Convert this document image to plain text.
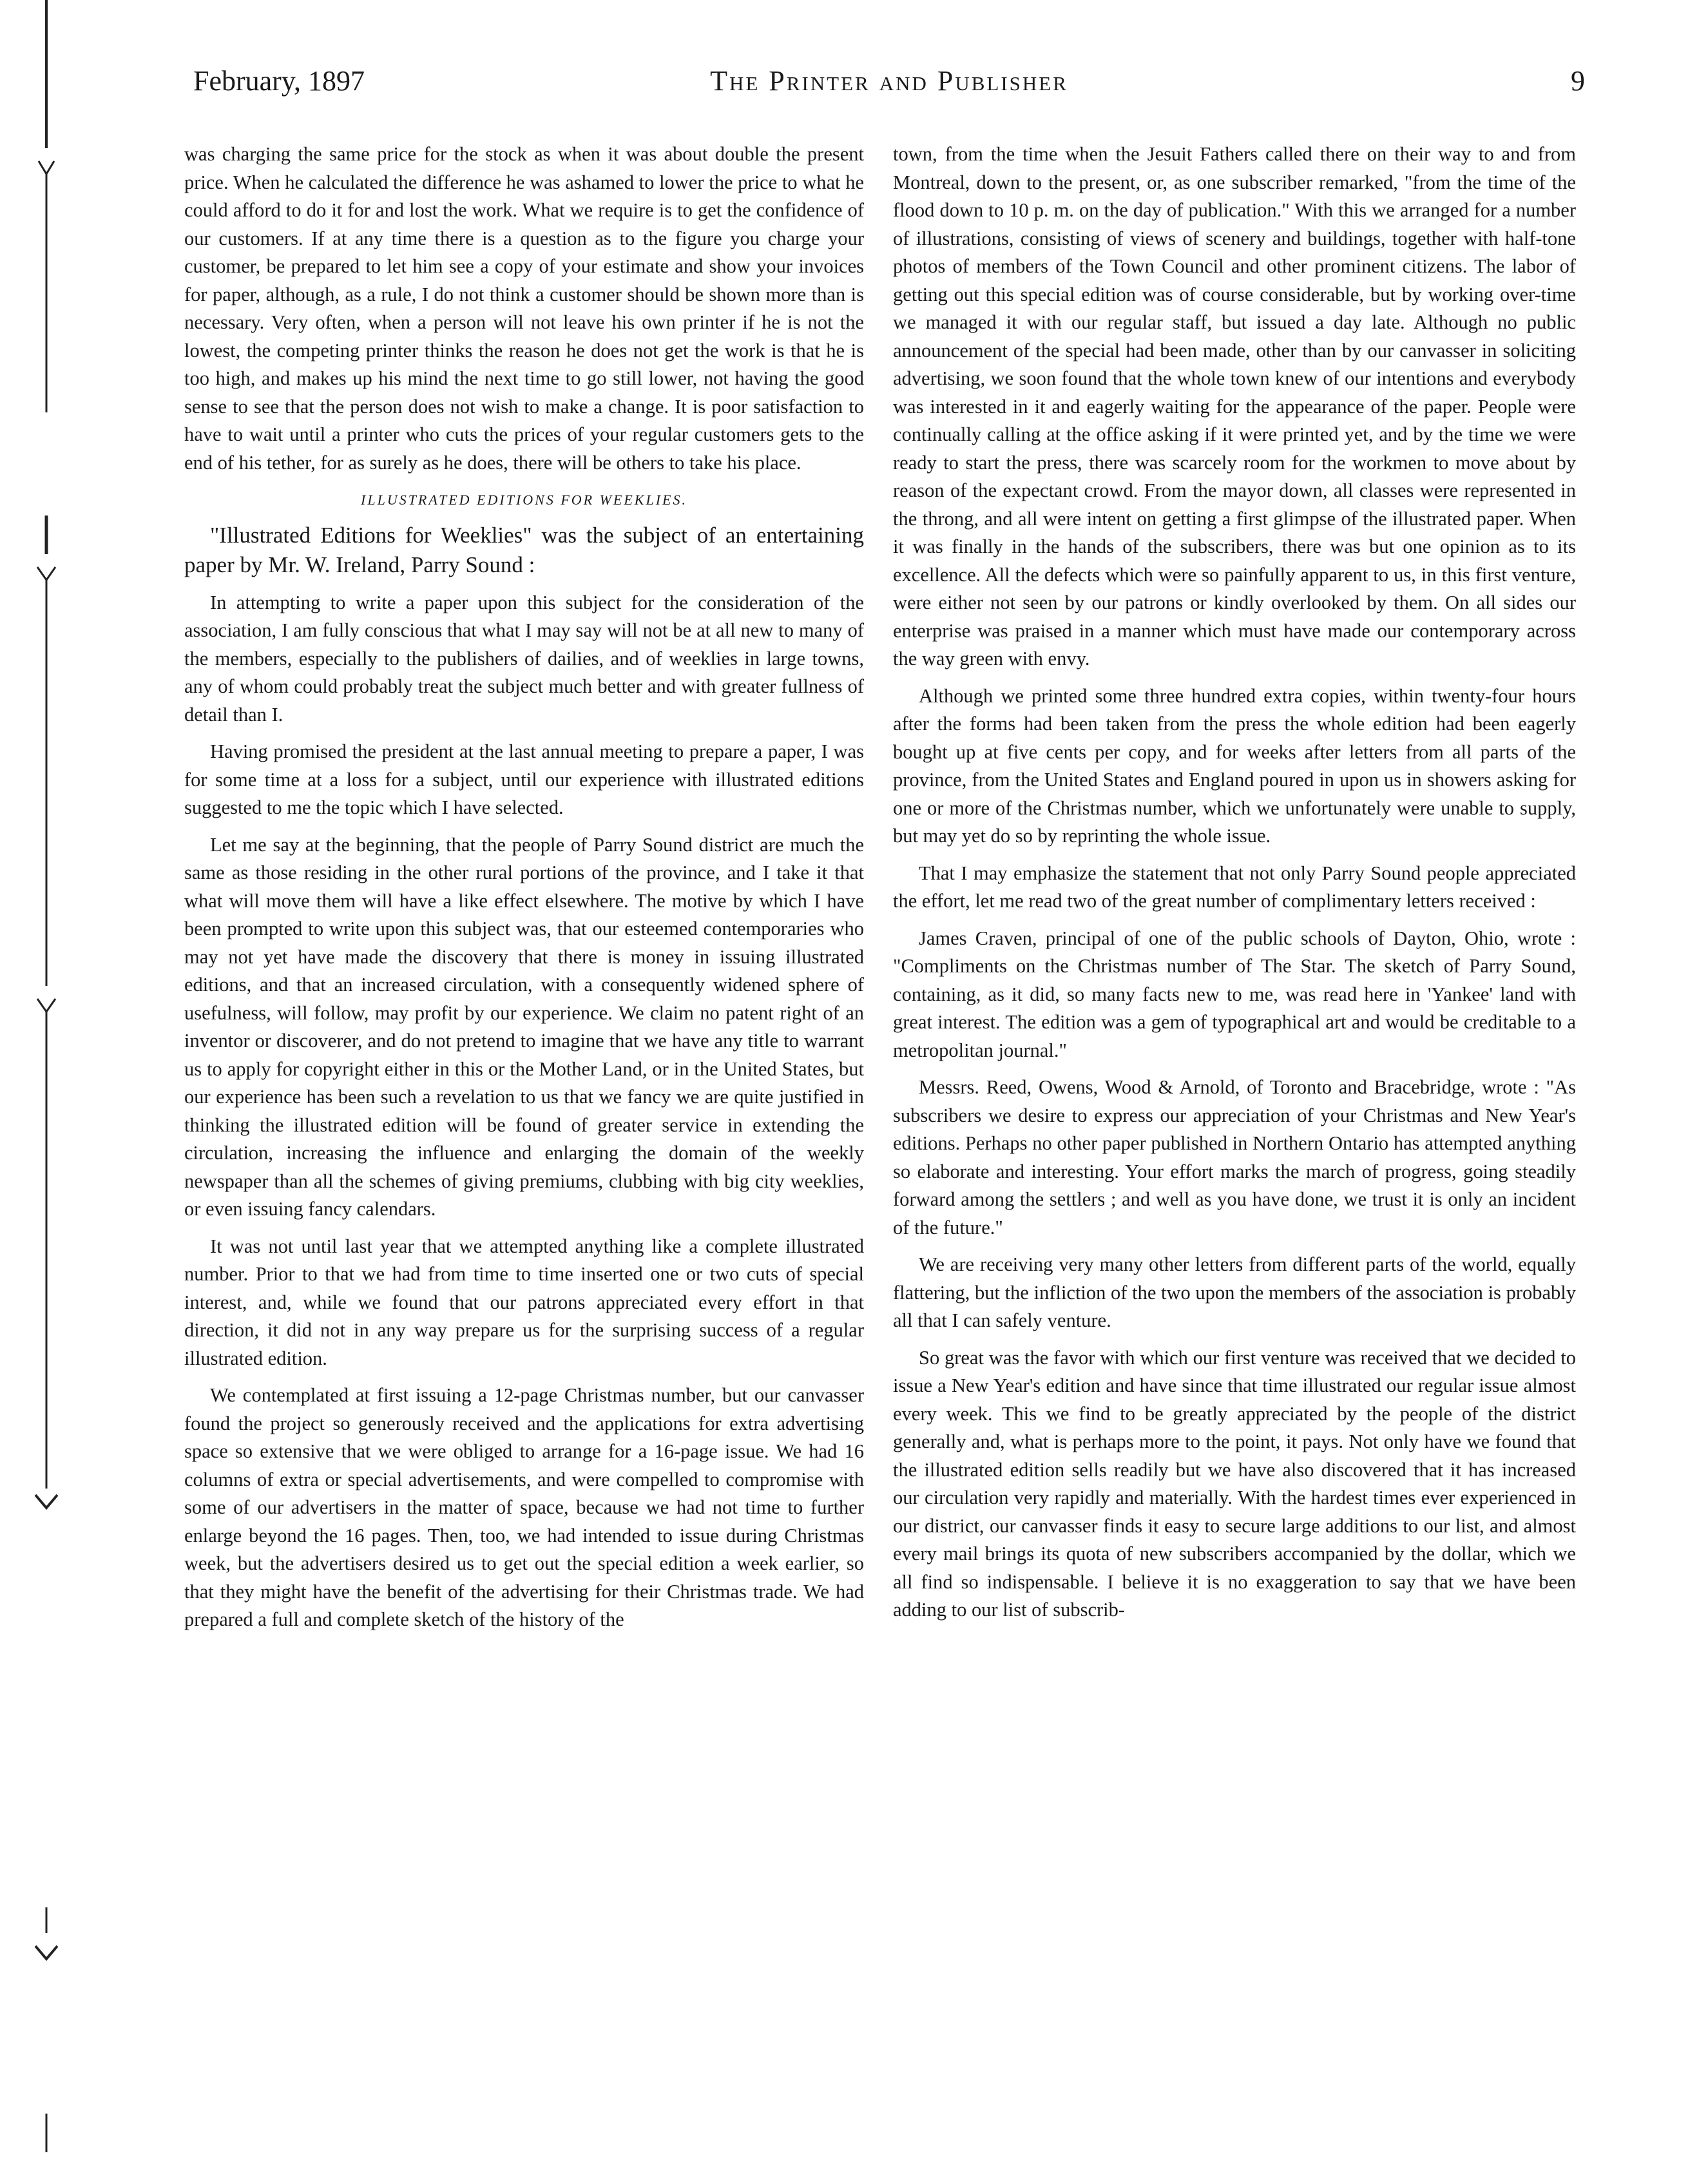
February, 1897	The Printer and Publisher	9

was charging the same price for the stock as when it was about double the present price. When he calculated the difference he was ashamed to lower the price to what he could afford to do it for and lost the work. What we require is to get the confidence of our customers. If at any time there is a question as to the figure you charge your customer, be prepared to let him see a copy of your estimate and show your invoices for paper, although, as a rule, I do not think a customer should be shown more than is necessary. Very often, when a person will not leave his own printer if he is not the lowest, the competing printer thinks the reason he does not get the work is that he is too high, and makes up his mind the next time to go still lower, not having the good sense to see that the person does not wish to make a change. It is poor satisfaction to have to wait until a printer who cuts the prices of your regular customers gets to the end of his tether, for as surely as he does, there will be others to take his place.

ILLUSTRATED EDITIONS FOR WEEKLIES.

"Illustrated Editions for Weeklies" was the subject of an entertaining paper by Mr. W. Ireland, Parry Sound :

In attempting to write a paper upon this subject for the consideration of the association, I am fully conscious that what I may say will not be at all new to many of the members, especially to the publishers of dailies, and of weeklies in large towns, any of whom could probably treat the subject much better and with greater fullness of detail than I.

Having promised the president at the last annual meeting to prepare a paper, I was for some time at a loss for a subject, until our experience with illustrated editions suggested to me the topic which I have selected.

Let me say at the beginning, that the people of Parry Sound district are much the same as those residing in the other rural portions of the province, and I take it that what will move them will have a like effect elsewhere. The motive by which I have been prompted to write upon this subject was, that our esteemed contemporaries who may not yet have made the discovery that there is money in issuing illustrated editions, and that an increased circulation, with a consequently widened sphere of usefulness, will follow, may profit by our experience. We claim no patent right of an inventor or discoverer, and do not pretend to imagine that we have any title to warrant us to apply for copyright either in this or the Mother Land, or in the United States, but our experience has been such a revelation to us that we fancy we are quite justified in thinking the illustrated edition will be found of greater service in extending the circulation, increasing the influence and enlarging the domain of the weekly newspaper than all the schemes of giving premiums, clubbing with big city weeklies, or even issuing fancy calendars.

It was not until last year that we attempted anything like a complete illustrated number. Prior to that we had from time to time inserted one or two cuts of special interest, and, while we found that our patrons appreciated every effort in that direction, it did not in any way prepare us for the surprising success of a regular illustrated edition.

We contemplated at first issuing a 12-page Christmas number, but our canvasser found the project so generously received and the applications for extra advertising space so extensive that we were obliged to arrange for a 16-page issue. We had 16 columns of extra or special advertisements, and were compelled to compromise with some of our advertisers in the matter of space, because we had not time to further enlarge beyond the 16 pages. Then, too, we had intended to issue during Christmas week, but the advertisers desired us to get out the special edition a week earlier, so that they might have the benefit of the advertising for their Christmas trade. We had prepared a full and complete sketch of the history of the

town, from the time when the Jesuit Fathers called there on their way to and from Montreal, down to the present, or, as one subscriber remarked, "from the time of the flood down to 10 p. m. on the day of publication." With this we arranged for a number of illustrations, consisting of views of scenery and buildings, together with half-tone photos of members of the Town Council and other prominent citizens. The labor of getting out this special edition was of course considerable, but by working over-time we managed it with our regular staff, but issued a day late. Although no public announcement of the special had been made, other than by our canvasser in soliciting advertising, we soon found that the whole town knew of our intentions and everybody was interested in it and eagerly waiting for the appearance of the paper. People were continually calling at the office asking if it were printed yet, and by the time we were ready to start the press, there was scarcely room for the workmen to move about by reason of the expectant crowd. From the mayor down, all classes were represented in the throng, and all were intent on getting a first glimpse of the illustrated paper. When it was finally in the hands of the subscribers, there was but one opinion as to its excellence. All the defects which were so painfully apparent to us, in this first venture, were either not seen by our patrons or kindly overlooked by them. On all sides our enterprise was praised in a manner which must have made our contemporary across the way green with envy.

Although we printed some three hundred extra copies, within twenty-four hours after the forms had been taken from the press the whole edition had been eagerly bought up at five cents per copy, and for weeks after letters from all parts of the province, from the United States and England poured in upon us in showers asking for one or more of the Christmas number, which we unfortunately were unable to supply, but may yet do so by reprinting the whole issue.

That I may emphasize the statement that not only Parry Sound people appreciated the effort, let me read two of the great number of complimentary letters received :

James Craven, principal of one of the public schools of Dayton, Ohio, wrote : "Compliments on the Christmas number of The Star. The sketch of Parry Sound, containing, as it did, so many facts new to me, was read here in 'Yankee' land with great interest. The edition was a gem of typographical art and would be creditable to a metropolitan journal."

Messrs. Reed, Owens, Wood & Arnold, of Toronto and Bracebridge, wrote : "As subscribers we desire to express our appreciation of your Christmas and New Year's editions. Perhaps no other paper published in Northern Ontario has attempted anything so elaborate and interesting. Your effort marks the march of progress, going steadily forward among the settlers ; and well as you have done, we trust it is only an incident of the future."

We are receiving very many other letters from different parts of the world, equally flattering, but the infliction of the two upon the members of the association is probably all that I can safely venture.

So great was the favor with which our first venture was received that we decided to issue a New Year's edition and have since that time illustrated our regular issue almost every week. This we find to be greatly appreciated by the people of the district generally and, what is perhaps more to the point, it pays. Not only have we found that the illustrated edition sells readily but we have also discovered that it has increased our circulation very rapidly and materially. With the hardest times ever experienced in our district, our canvasser finds it easy to secure large additions to our list, and almost every mail brings its quota of new subscribers accompanied by the dollar, which we all find so indispensable. I believe it is no exaggeration to say that we have been adding to our list of subscrib-
